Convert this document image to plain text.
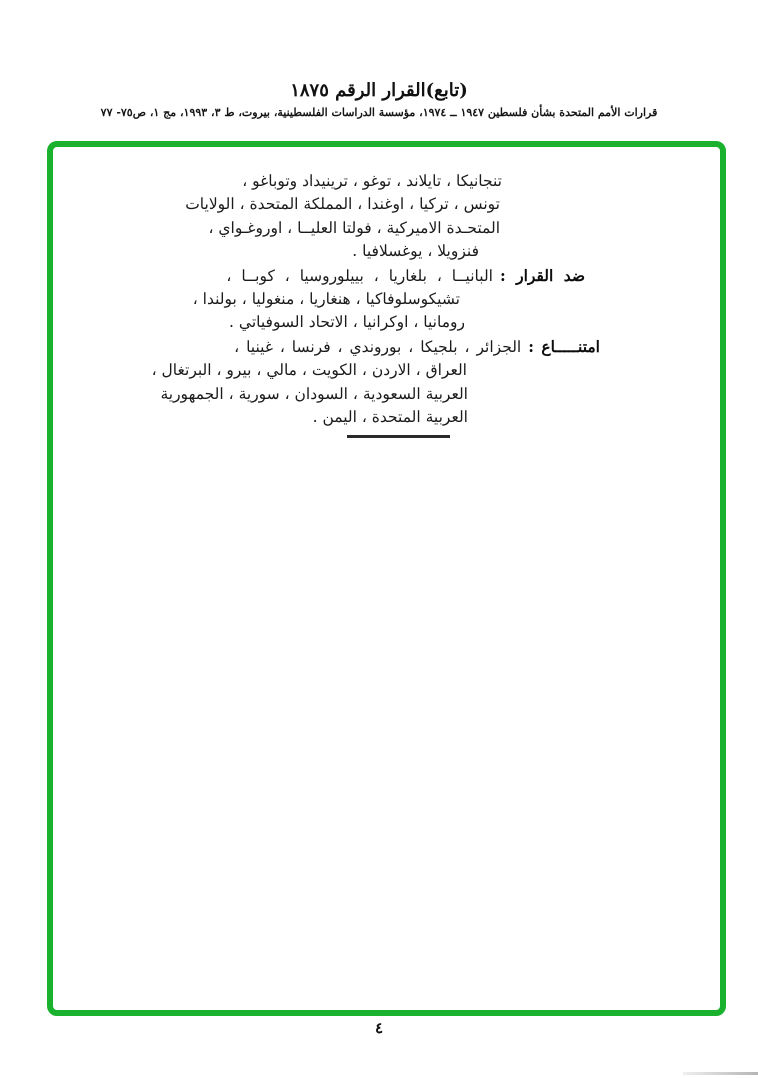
(تابع)القرار الرقم ١٨٧٥
قرارات الأمم المتحدة بشأن فلسطين ١٩٤٧ ــ ١٩٧٤، مؤسسة الدراسات الفلسطينية، بيروت، ط ٣، ١٩٩٣، مج ١، ص٧٥- ٧٧
تنجانيكا ، تايلاند ، توغو ، ترينيداد وتوباغو ،
تونس ، تركيا ، اوغندا ، المملكة المتحدة ، الولايات
المتحـدة الاميركية ، فولتا العليــا ، اوروغـواي ،
فنزويلا ، يوغسلافيا .
ضد القرار :البانيــا ، بلغاريا ، بييلوروسيا ، كوبــا ،
تشيكوسلوفاكيا ، هنغاريا ، منغوليا ، بولندا ،
رومانيا ، اوكرانيا ، الاتحاد السوفياتي .
امتنـــــاع :الجزائر ، بلجيكا ، بوروندي ، فرنسا ، غينيا ،
العراق ، الاردن ، الكويت ، مالي ، بيرو ، البرتغال ،
العربية السعودية ، السودان ، سورية ، الجمهورية
العربية المتحدة ، اليمن .
٤
